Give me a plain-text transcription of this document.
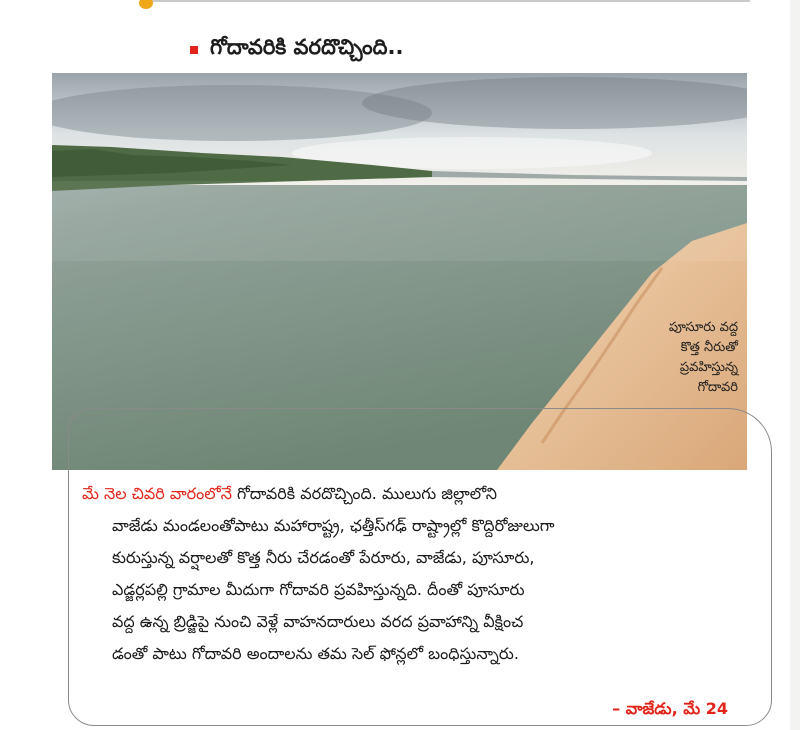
గోదావరికి వరదొచ్చింది..
పూసూరు వద్ద
కొత్త నీరుతో
ప్రవహిస్తున్న
గోదావరి
మే నెల చివరి వారంలోనే గోదావరికి వరదొచ్చింది. ములుగు జిల్లాలోని
వాజేడు మండలంతోపాటు మహారాష్ట్ర, ఛత్తీస్‌గఢ్ రాష్ట్రాల్లో కొద్దిరోజులుగా
కురుస్తున్న వర్షాలతో కొత్త నీరు చేరడంతో పేరూరు, వాజేడు, పూసూరు,
ఎడ్జర్లపల్లి గ్రామాల మీదుగా గోదావరి ప్రవహిస్తున్నది. దీంతో పూసూరు
వద్ద ఉన్న బ్రిడ్జిపై నుంచి వెళ్లే వాహనదారులు వరద ప్రవాహాన్ని వీక్షించ
డంతో పాటు గోదావరి అందాలను తమ సెల్ ఫోన్లలో బంధిస్తున్నారు.
– వాజేడు, మే 24
